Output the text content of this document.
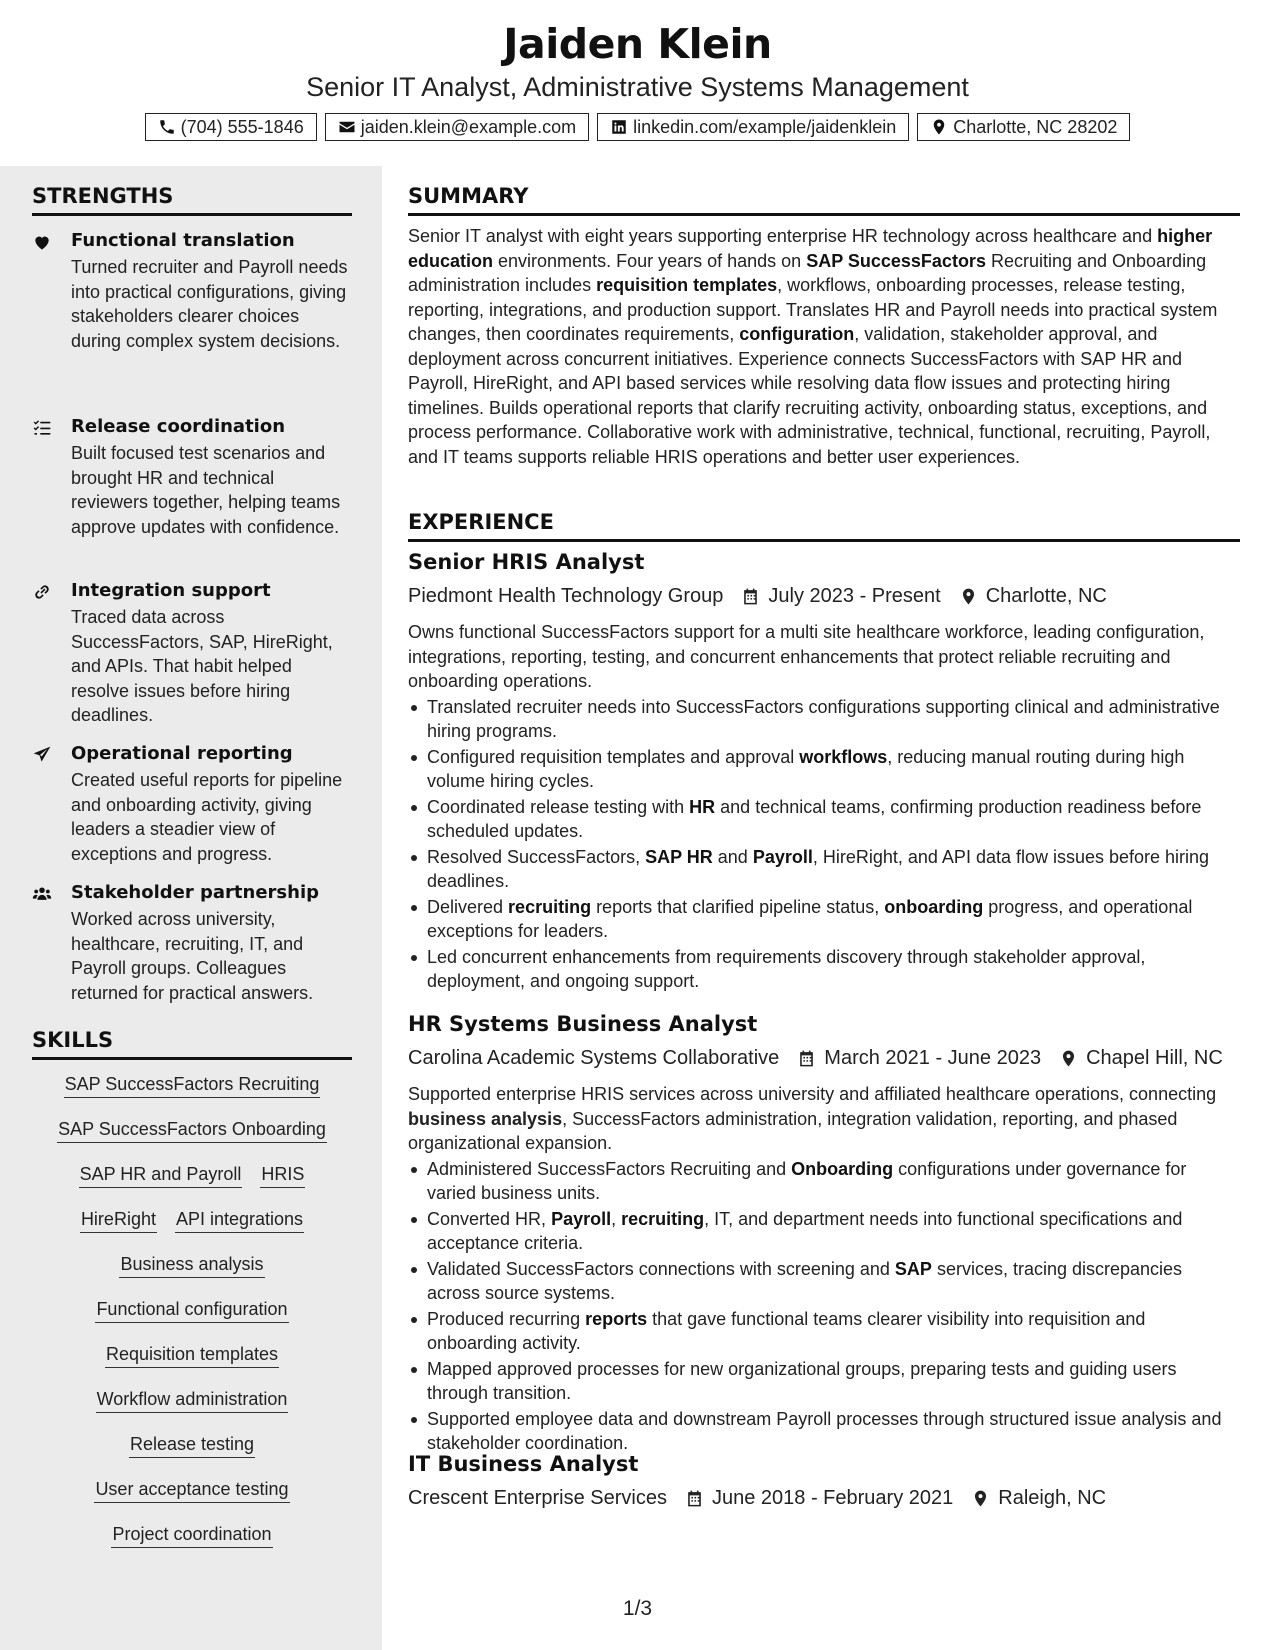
Jaiden Klein
Senior IT Analyst, Administrative Systems Management
(704) 555-1846	jaiden.klein@example.com	linkedin.com/example/jaidenklein	Charlotte, NC 28202
STRENGTHS
Functional translation
Turned recruiter and Payroll needs into practical configurations, giving stakeholders clearer choices during complex system decisions.
Release coordination
Built focused test scenarios and brought HR and technical reviewers together, helping teams approve updates with confidence.
Integration support
Traced data across SuccessFactors, SAP, HireRight, and APIs. That habit helped resolve issues before hiring deadlines.
Operational reporting
Created useful reports for pipeline and onboarding activity, giving leaders a steadier view of exceptions and progress.
Stakeholder partnership
Worked across university, healthcare, recruiting, IT, and Payroll groups. Colleagues returned for practical answers.
SKILLS
SAP SuccessFactors Recruiting
SAP SuccessFactors Onboarding
SAP HR and Payroll HRIS
HireRight API integrations
Business analysis
Functional configuration
Requisition templates
Workflow administration
Release testing
User acceptance testing
Project coordination
SUMMARY
Senior IT analyst with eight years supporting enterprise HR technology across healthcare and higher education environments. Four years of hands on SAP SuccessFactors Recruiting and Onboarding administration includes requisition templates, workflows, onboarding processes, release testing, reporting, integrations, and production support. Translates HR and Payroll needs into practical system changes, then coordinates requirements, configuration, validation, stakeholder approval, and deployment across concurrent initiatives. Experience connects SuccessFactors with SAP HR and Payroll, HireRight, and API based services while resolving data flow issues and protecting hiring timelines. Builds operational reports that clarify recruiting activity, onboarding status, exceptions, and process performance. Collaborative work with administrative, technical, functional, recruiting, Payroll, and IT teams supports reliable HRIS operations and better user experiences.
EXPERIENCE
Senior HRIS Analyst
Piedmont Health Technology Group July 2023 - Present Charlotte, NC
Owns functional SuccessFactors support for a multi site healthcare workforce, leading configuration, integrations, reporting, testing, and concurrent enhancements that protect reliable recruiting and onboarding operations.
Translated recruiter needs into SuccessFactors configurations supporting clinical and administrative hiring programs.
Configured requisition templates and approval workflows, reducing manual routing during high volume hiring cycles.
Coordinated release testing with HR and technical teams, confirming production readiness before scheduled updates.
Resolved SuccessFactors, SAP HR and Payroll, HireRight, and API data flow issues before hiring deadlines.
Delivered recruiting reports that clarified pipeline status, onboarding progress, and operational exceptions for leaders.
Led concurrent enhancements from requirements discovery through stakeholder approval, deployment, and ongoing support.
HR Systems Business Analyst
Carolina Academic Systems Collaborative March 2021 - June 2023 Chapel Hill, NC
Supported enterprise HRIS services across university and affiliated healthcare operations, connecting business analysis, SuccessFactors administration, integration validation, reporting, and phased organizational expansion.
Administered SuccessFactors Recruiting and Onboarding configurations under governance for varied business units.
Converted HR, Payroll, recruiting, IT, and department needs into functional specifications and acceptance criteria.
Validated SuccessFactors connections with screening and SAP services, tracing discrepancies across source systems.
Produced recurring reports that gave functional teams clearer visibility into requisition and onboarding activity.
Mapped approved processes for new organizational groups, preparing tests and guiding users through transition.
Supported employee data and downstream Payroll processes through structured issue analysis and stakeholder coordination.
IT Business Analyst
Crescent Enterprise Services June 2018 - February 2021 Raleigh, NC
1/3
